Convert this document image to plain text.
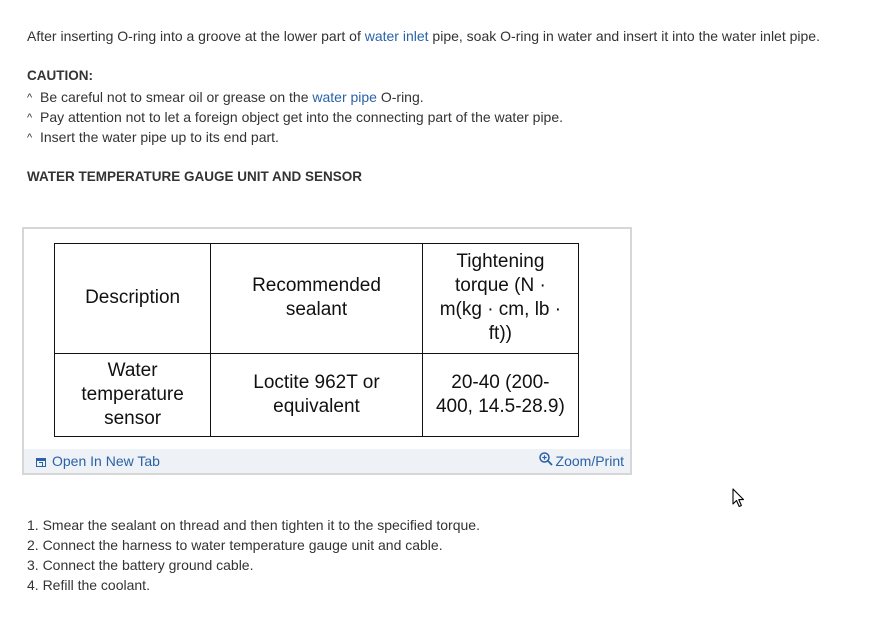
After inserting O-ring into a groove at the lower part of water inlet pipe, soak O-ring in water and insert it into the water inlet pipe.

CAUTION:

^ Be careful not to smear oil or grease on the water pipe O-ring.

^ Pay attention not to let a foreign object get into the connecting part of the water pipe.

^ Insert the water pipe up to its end part.

WATER TEMPERATURE GAUGE UNIT AND SENSOR

Description	Recommended sealant	Tightening torque (N · m(kg · cm, lb · ft))
Water temperature sensor	Loctite 962T or equivalent	20-40 (200-400, 14.5-28.9)
Open In New Tab	Zoom/Print

1. Smear the sealant on thread and then tighten it to the specified torque.

2. Connect the harness to water temperature gauge unit and cable.

3. Connect the battery ground cable.

4. Refill the coolant.
